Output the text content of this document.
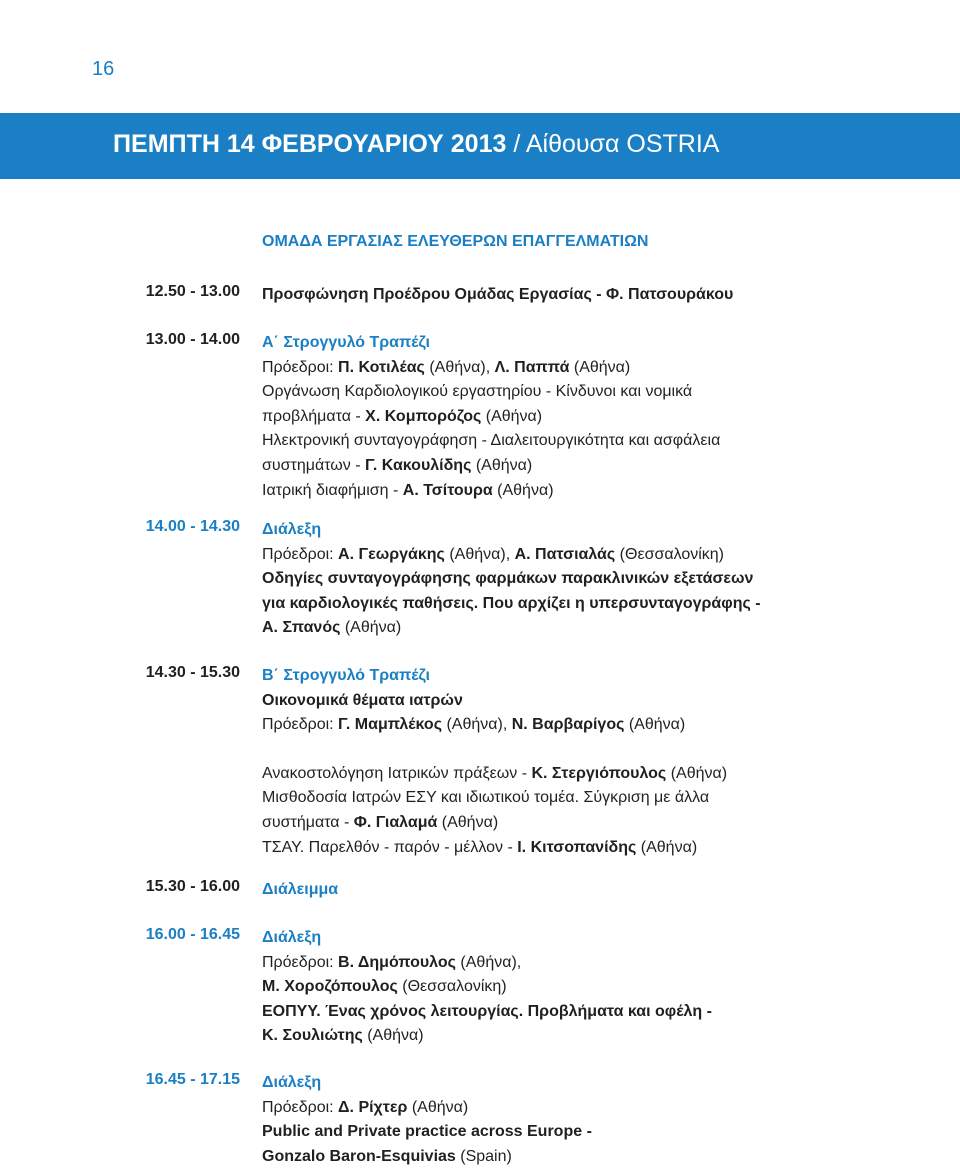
16
ΠΕΜΠΤΗ 14 ΦΕΒΡΟΥΑΡΙΟΥ 2013 / Αίθουσα OSTRIA
ΟΜΑΔΑ ΕΡΓΑΣΙΑΣ ΕΛΕΥΘΕΡΩΝ ΕΠΑΓΓΕΛΜΑΤΙΩΝ
12.50 - 13.00 Προσφώνηση Προέδρου Ομάδας Εργασίας - Φ. Πατσουράκου
13.00 - 14.00 Α΄ Στρογγυλό Τραπέζι
Πρόεδροι: Π. Κοτιλέας (Αθήνα), Λ. Παππά (Αθήνα)
Οργάνωση Καρδιολογικού εργαστηρίου - Κίνδυνοι και νομικά
προβλήματα - Χ. Κομπορόζος (Αθήνα)
Ηλεκτρονική συνταγογράφηση - Διαλειτουργικότητα και ασφάλεια
συστημάτων - Γ. Κακουλίδης (Αθήνα)
Ιατρική διαφήμιση - Α. Τσίτουρα (Αθήνα)
14.00 - 14.30 Διάλεξη
Πρόεδροι: Α. Γεωργάκης (Αθήνα), Α. Πατσιαλάς (Θεσσαλονίκη)
Οδηγίες συνταγογράφησης φαρμάκων παρακλινικών εξετάσεων
για καρδιολογικές παθήσεις. Που αρχίζει η υπερσυνταγογράφης -
Α. Σπανός (Αθήνα)
14.30 - 15.30 Β΄ Στρογγυλό Τραπέζι
Οικονομικά θέματα ιατρών
Πρόεδροι: Γ. Μαμπλέκος (Αθήνα), Ν. Βαρβαρίγος (Αθήνα)
Ανακοστολόγηση Ιατρικών πράξεων - Κ. Στεργιόπουλος (Αθήνα)
Μισθοδοσία Ιατρών ΕΣΥ και ιδιωτικού τομέα. Σύγκριση με άλλα
συστήματα - Φ. Γιαλαμά (Αθήνα)
ΤΣΑΥ. Παρελθόν - παρόν - μέλλον - Ι. Κιτσοπανίδης (Αθήνα)
15.30 - 16.00 Διάλειμμα
16.00 - 16.45 Διάλεξη
Πρόεδροι: Β. Δημόπουλος (Αθήνα),
Μ. Χοροζόπουλος (Θεσσαλονίκη)
ΕΟΠΥΥ. Ένας χρόνος λειτουργίας. Προβλήματα και οφέλη -
Κ. Σουλιώτης (Αθήνα)
16.45 - 17.15 Διάλεξη
Πρόεδροι: Δ. Ρίχτερ (Αθήνα)
Public and Private practice across Europe -
Gonzalo Baron-Esquivias (Spain)
